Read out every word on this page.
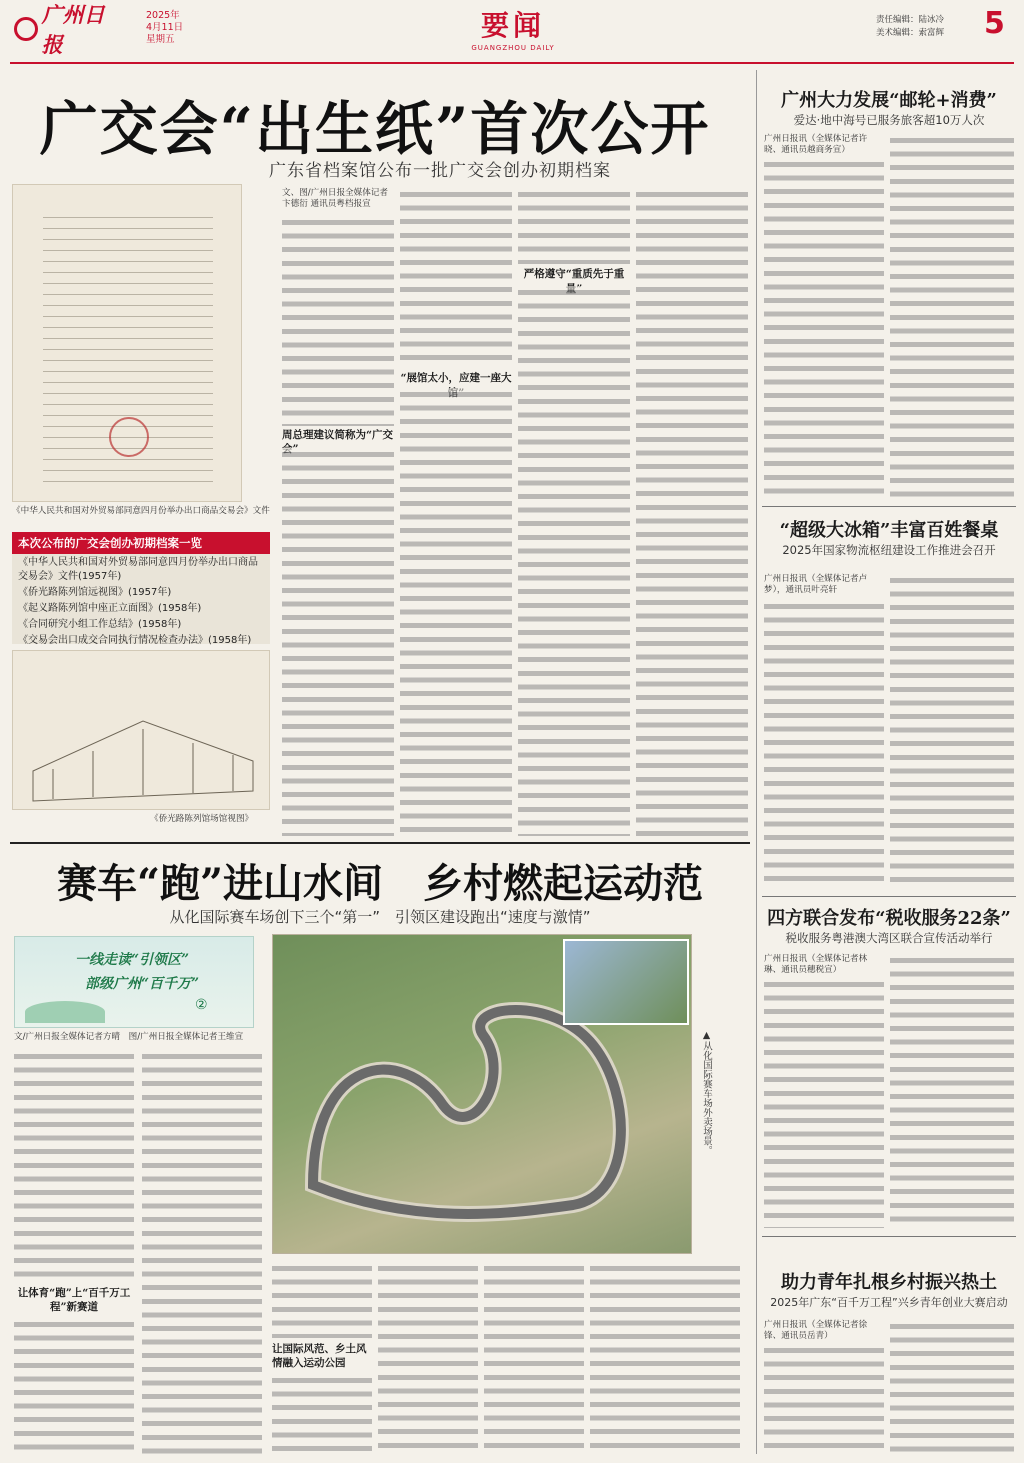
广州日报
2025年
4月11日
星期五	要闻
GUANGZHOU DAILY
责任编辑：陆冰冷
美术编辑：索富辉 5
广交会“出生纸”首次公开
广东省档案馆公布一批广交会创办初期档案
《中华人民共和国对外贸易部同意四月份举办出口商品交易会》文件
本次公布的广交会创办初期档案一览
《中华人民共和国对外贸易部同意四月份举办出口商品交易会》文件(1957年)
《侨光路陈列馆远视图》(1957年)
《起义路陈列馆中座正立面图》(1958年)
《合同研究小组工作总结》(1958年)
《交易会出口成交合同执行情况检查办法》(1958年)
《侨光路陈列馆场馆视图》
文、图/广州日报全媒体记者 卞德衍 通讯员粤档报宣
周总理建议简称为“广交
“展馆太小，应建一座大
严格遵守“重质先于重
赛车“跑”进山水间　乡村燃起运动范
从化国际赛车场创下三个“第一”　引领区建设跑出“速度与激情”
一线走读“引领区”
部级广州“百千万”
②
文/广州日报全媒体记者方晴　图/广州日报全媒体记者王维宣
让体育“跑”上“百千万工程”新赛道
▲从化国际赛车场外卖场景。
让国际风范、乡土风情融入运动公园
广州大力发展“邮轮+消费”
爱达·地中海号已服务旅客超10万人次
广州日报讯（全媒体记者许晓、通讯员越商务宣）
“超级大冰箱”丰富百姓餐桌
2025年国家物流枢纽建设工作推进会召开
广州日报讯（全媒体记者卢梦），通讯员叶亮轩
四方联合发布“税收服务22条”
税收服务粤港澳大湾区联合宣传活动举行
广州日报讯（全媒体记者林琳、通讯员穗税宣）
助力青年扎根乡村振兴热土
2025年广东“百千万工程”兴乡青年创业大赛启动
广州日报讯（全媒体记者徐锋、通讯员岳青）
